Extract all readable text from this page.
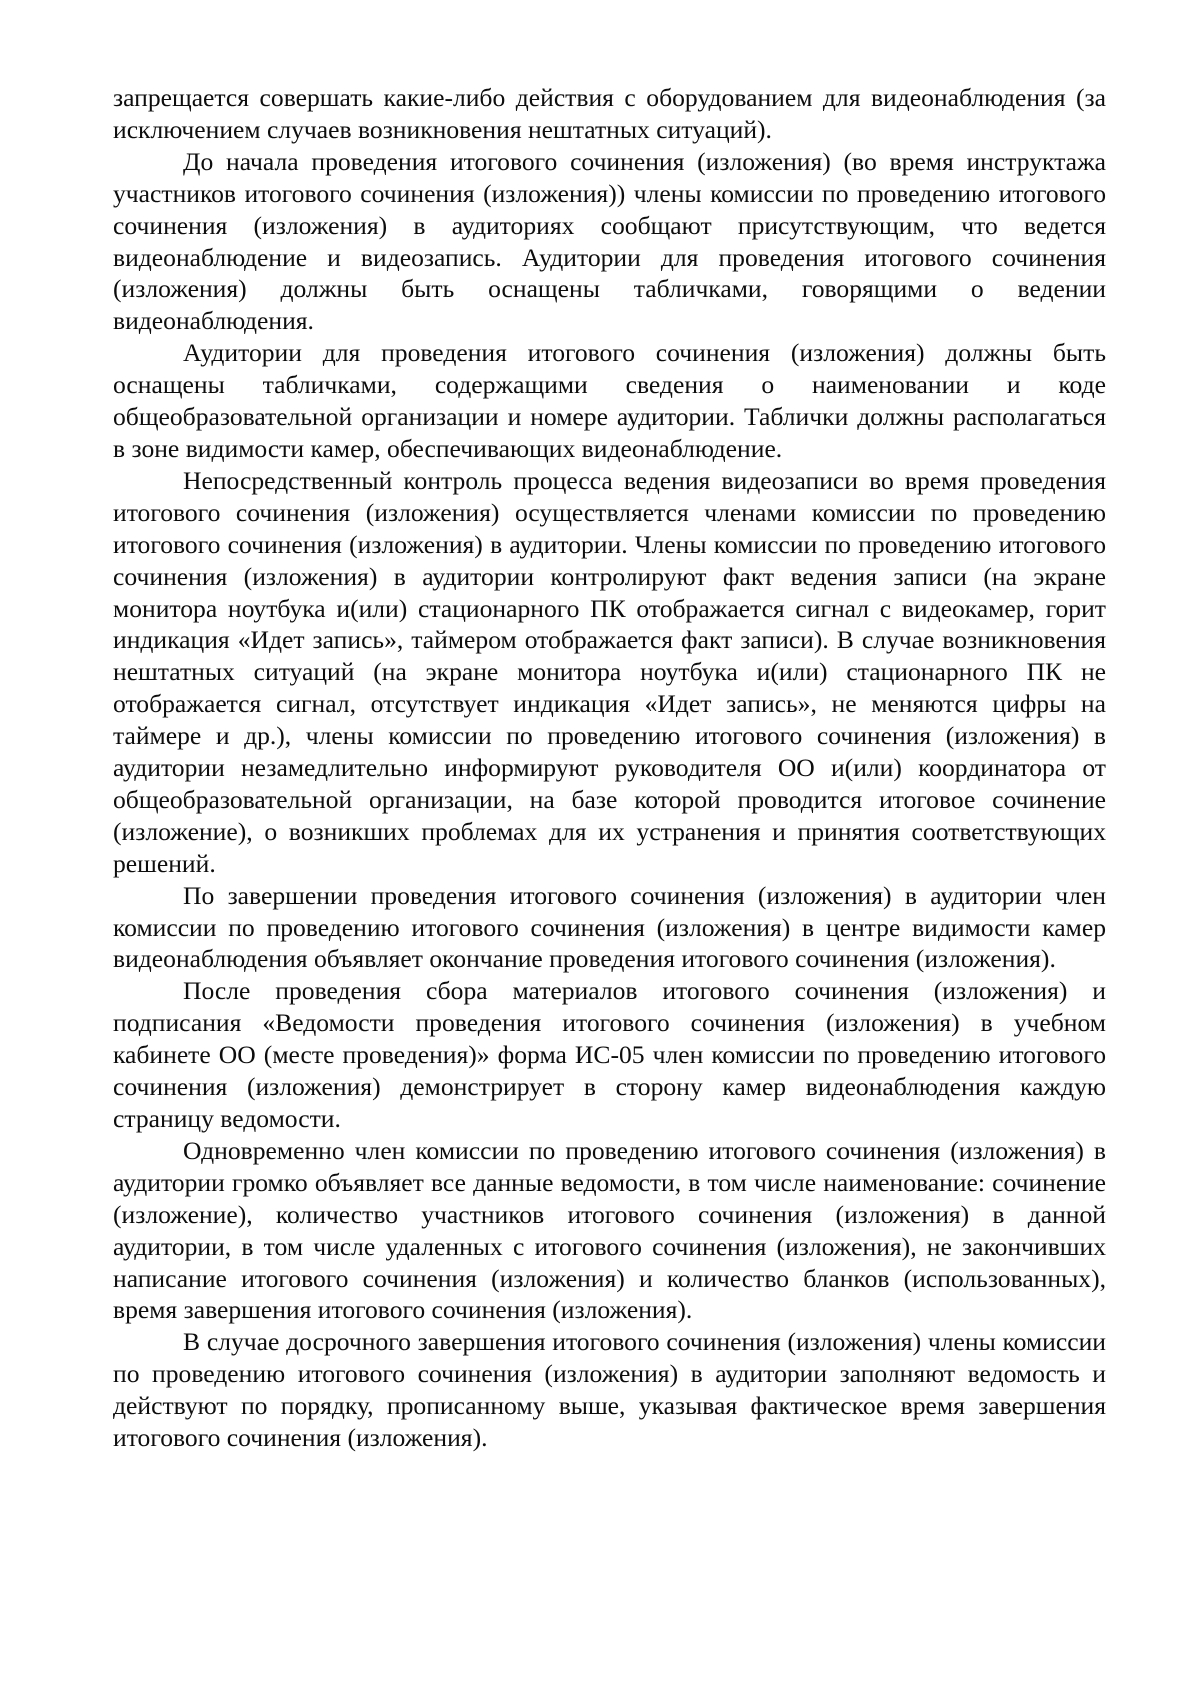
запрещается совершать какие-либо действия с оборудованием для видеонаблюдения (за исключением случаев возникновения нештатных ситуаций).

До начала проведения итогового сочинения (изложения) (во время инструктажа участников итогового сочинения (изложения)) члены комиссии по проведению итогового сочинения (изложения) в аудиториях сообщают присутствующим, что ведется видеонаблюдение и видеозапись. Аудитории для проведения итогового сочинения (изложения) должны быть оснащены табличками, говорящими о ведении видеонаблюдения.

Аудитории для проведения итогового сочинения (изложения) должны быть оснащены табличками, содержащими сведения о наименовании и коде общеобразовательной организации и номере аудитории. Таблички должны располагаться в зоне видимости камер, обеспечивающих видеонаблюдение.

Непосредственный контроль процесса ведения видеозаписи во время проведения итогового сочинения (изложения) осуществляется членами комиссии по проведению итогового сочинения (изложения) в аудитории. Члены комиссии по проведению итогового сочинения (изложения) в аудитории контролируют факт ведения записи (на экране монитора ноутбука и(или) стационарного ПК отображается сигнал с видеокамер, горит индикация «Идет запись», таймером отображается факт записи). В случае возникновения нештатных ситуаций (на экране монитора ноутбука и(или) стационарного ПК не отображается сигнал, отсутствует индикация «Идет запись», не меняются цифры на таймере и др.), члены комиссии по проведению итогового сочинения (изложения) в аудитории незамедлительно информируют руководителя ОО и(или) координатора от общеобразовательной организации, на базе которой проводится итоговое сочинение (изложение), о возникших проблемах для их устранения и принятия соответствующих решений.

По завершении проведения итогового сочинения (изложения) в аудитории член комиссии по проведению итогового сочинения (изложения) в центре видимости камер видеонаблюдения объявляет окончание проведения итогового сочинения (изложения).

После проведения сбора материалов итогового сочинения (изложения) и подписания «Ведомости проведения итогового сочинения (изложения) в учебном кабинете ОО (месте проведения)» форма ИС-05 член комиссии по проведению итогового сочинения (изложения) демонстрирует в сторону камер видеонаблюдения каждую страницу ведомости.

Одновременно член комиссии по проведению итогового сочинения (изложения) в аудитории громко объявляет все данные ведомости, в том числе наименование: сочинение (изложение), количество участников итогового сочинения (изложения) в данной аудитории, в том числе удаленных с итогового сочинения (изложения), не закончивших написание итогового сочинения (изложения) и количество бланков (использованных), время завершения итогового сочинения (изложения).

В случае досрочного завершения итогового сочинения (изложения) члены комиссии по проведению итогового сочинения (изложения) в аудитории заполняют ведомость и действуют по порядку, прописанному выше, указывая фактическое время завершения итогового сочинения (изложения).
